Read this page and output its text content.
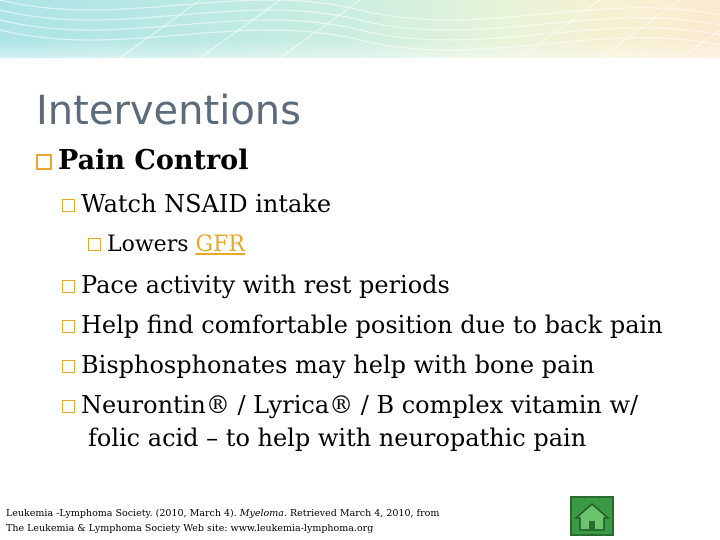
Interventions
Pain Control
Watch NSAID intake
Lowers GFR
Pace activity with rest periods
Help find comfortable position due to back pain
Bisphosphonates may help with bone pain
Neurontin® / Lyrica® / B complex vitamin w/
folic acid – to help with neuropathic pain
Leukemia -Lymphoma Society. (2010, March 4). Myeloma. Retrieved March 4, 2010, from
The Leukemia & Lymphoma Society Web site: www.leukemia-lymphoma.org
